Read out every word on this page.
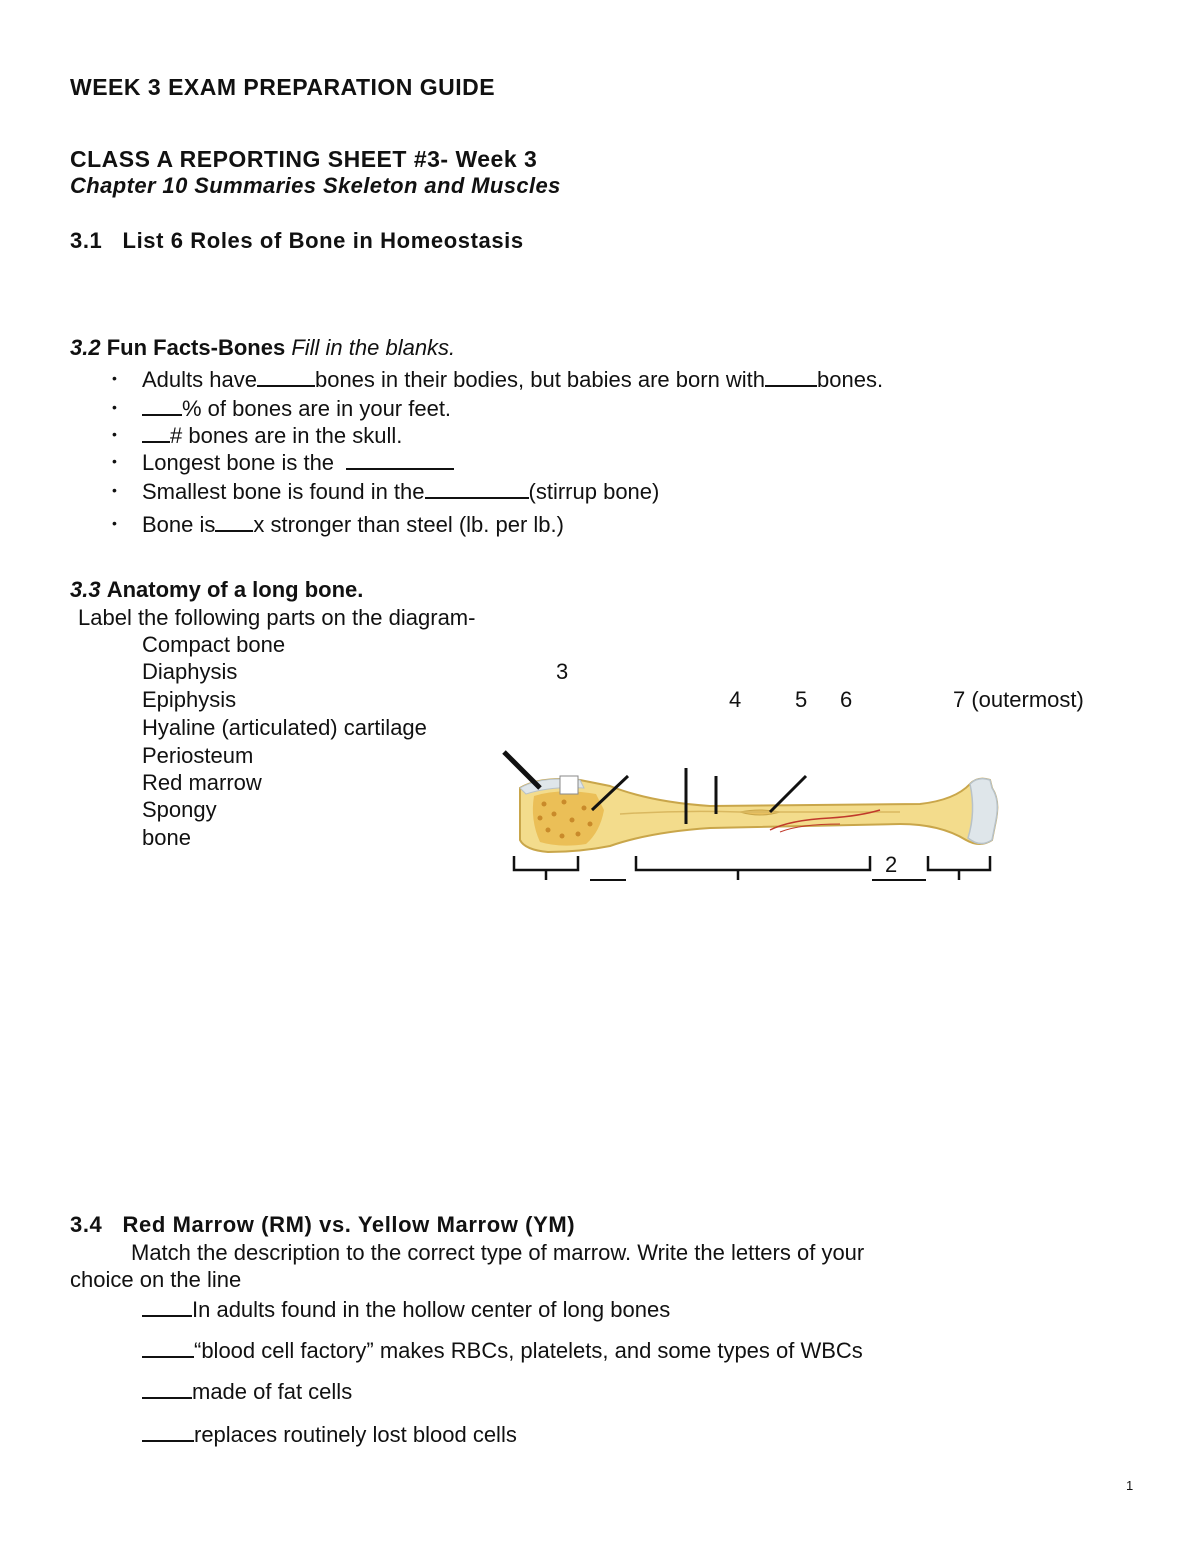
WEEK 3 EXAM PREPARATION GUIDE
CLASS A REPORTING SHEET #3- Week 3
Chapter 10 Summaries Skeleton and Muscles
3.1 List 6 Roles of Bone in Homeostasis
3.2 Fun Facts-Bones Fill in the blanks.
• Adults have	bones in their bodies, but babies are born with bones.
•	% of bones are in your feet.
• # bones are in the skull.
• Longest bone is the
• Smallest bone is found in the	(stirrup bone)
• Bone is x stronger than steel (lb. per lb.)
3.3 Anatomy of a long bone.
Label the following parts on the diagram-
Compact bone
Diaphysis
Epiphysis
Hyaline (articulated) cartilage
Periosteum
Red marrow
Spongy
bone
3
4 5 6	7 (outermost)
2
3.4 Red Marrow (RM) vs. Yellow Marrow (YM)
Match the description to the correct type of marrow. Write the letters of your
choice on the line
In adults found in the hollow center of long bones
“blood cell factory” makes RBCs, platelets, and some types of WBCs
made of fat cells
replaces routinely lost blood cells
1
